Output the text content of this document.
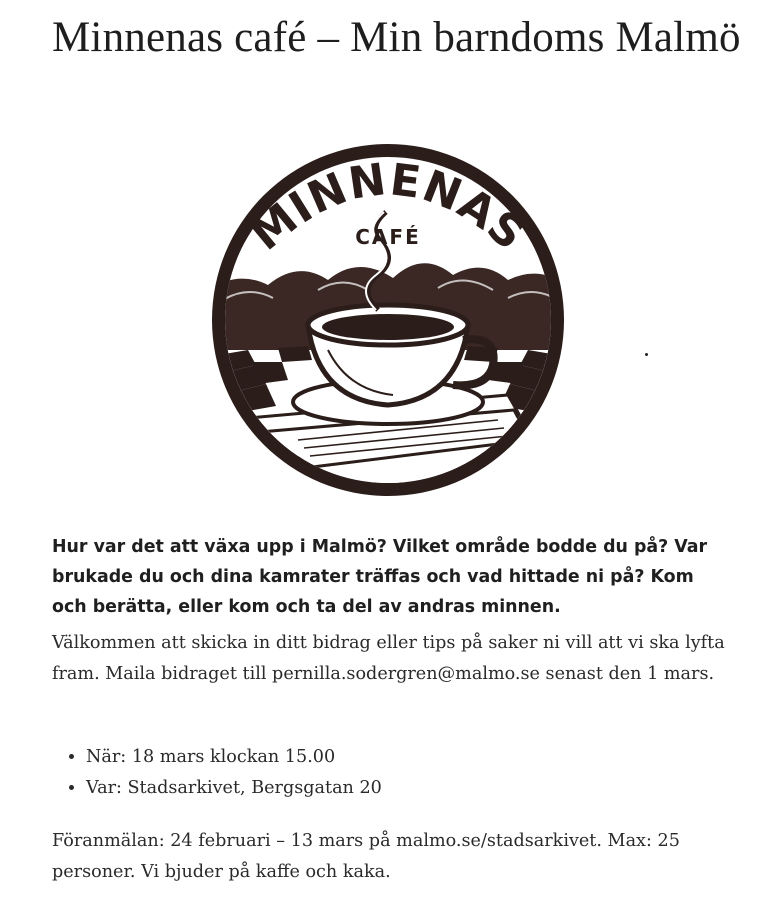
Minnenas café – Min barndoms Malmö
MINNENAS
CAFÉ

Hur var det att växa upp i Malmö? Vilket område bodde du på? Var brukade du och dina kamrater träffas och vad hittade ni på? Kom och berätta, eller kom och ta del av andras minnen.

Välkommen att skicka in ditt bidrag eller tips på saker ni vill att vi ska lyfta fram. Maila bidraget till pernilla.sodergren@malmo.se senast den 1 mars.

• När: 18 mars klockan 15.00
• Var: Stadsarkivet, Bergsgatan 20

Föranmälan: 24 februari – 13 mars på malmo.se/stadsarkivet. Max: 25 personer. Vi bjuder på kaffe och kaka.
